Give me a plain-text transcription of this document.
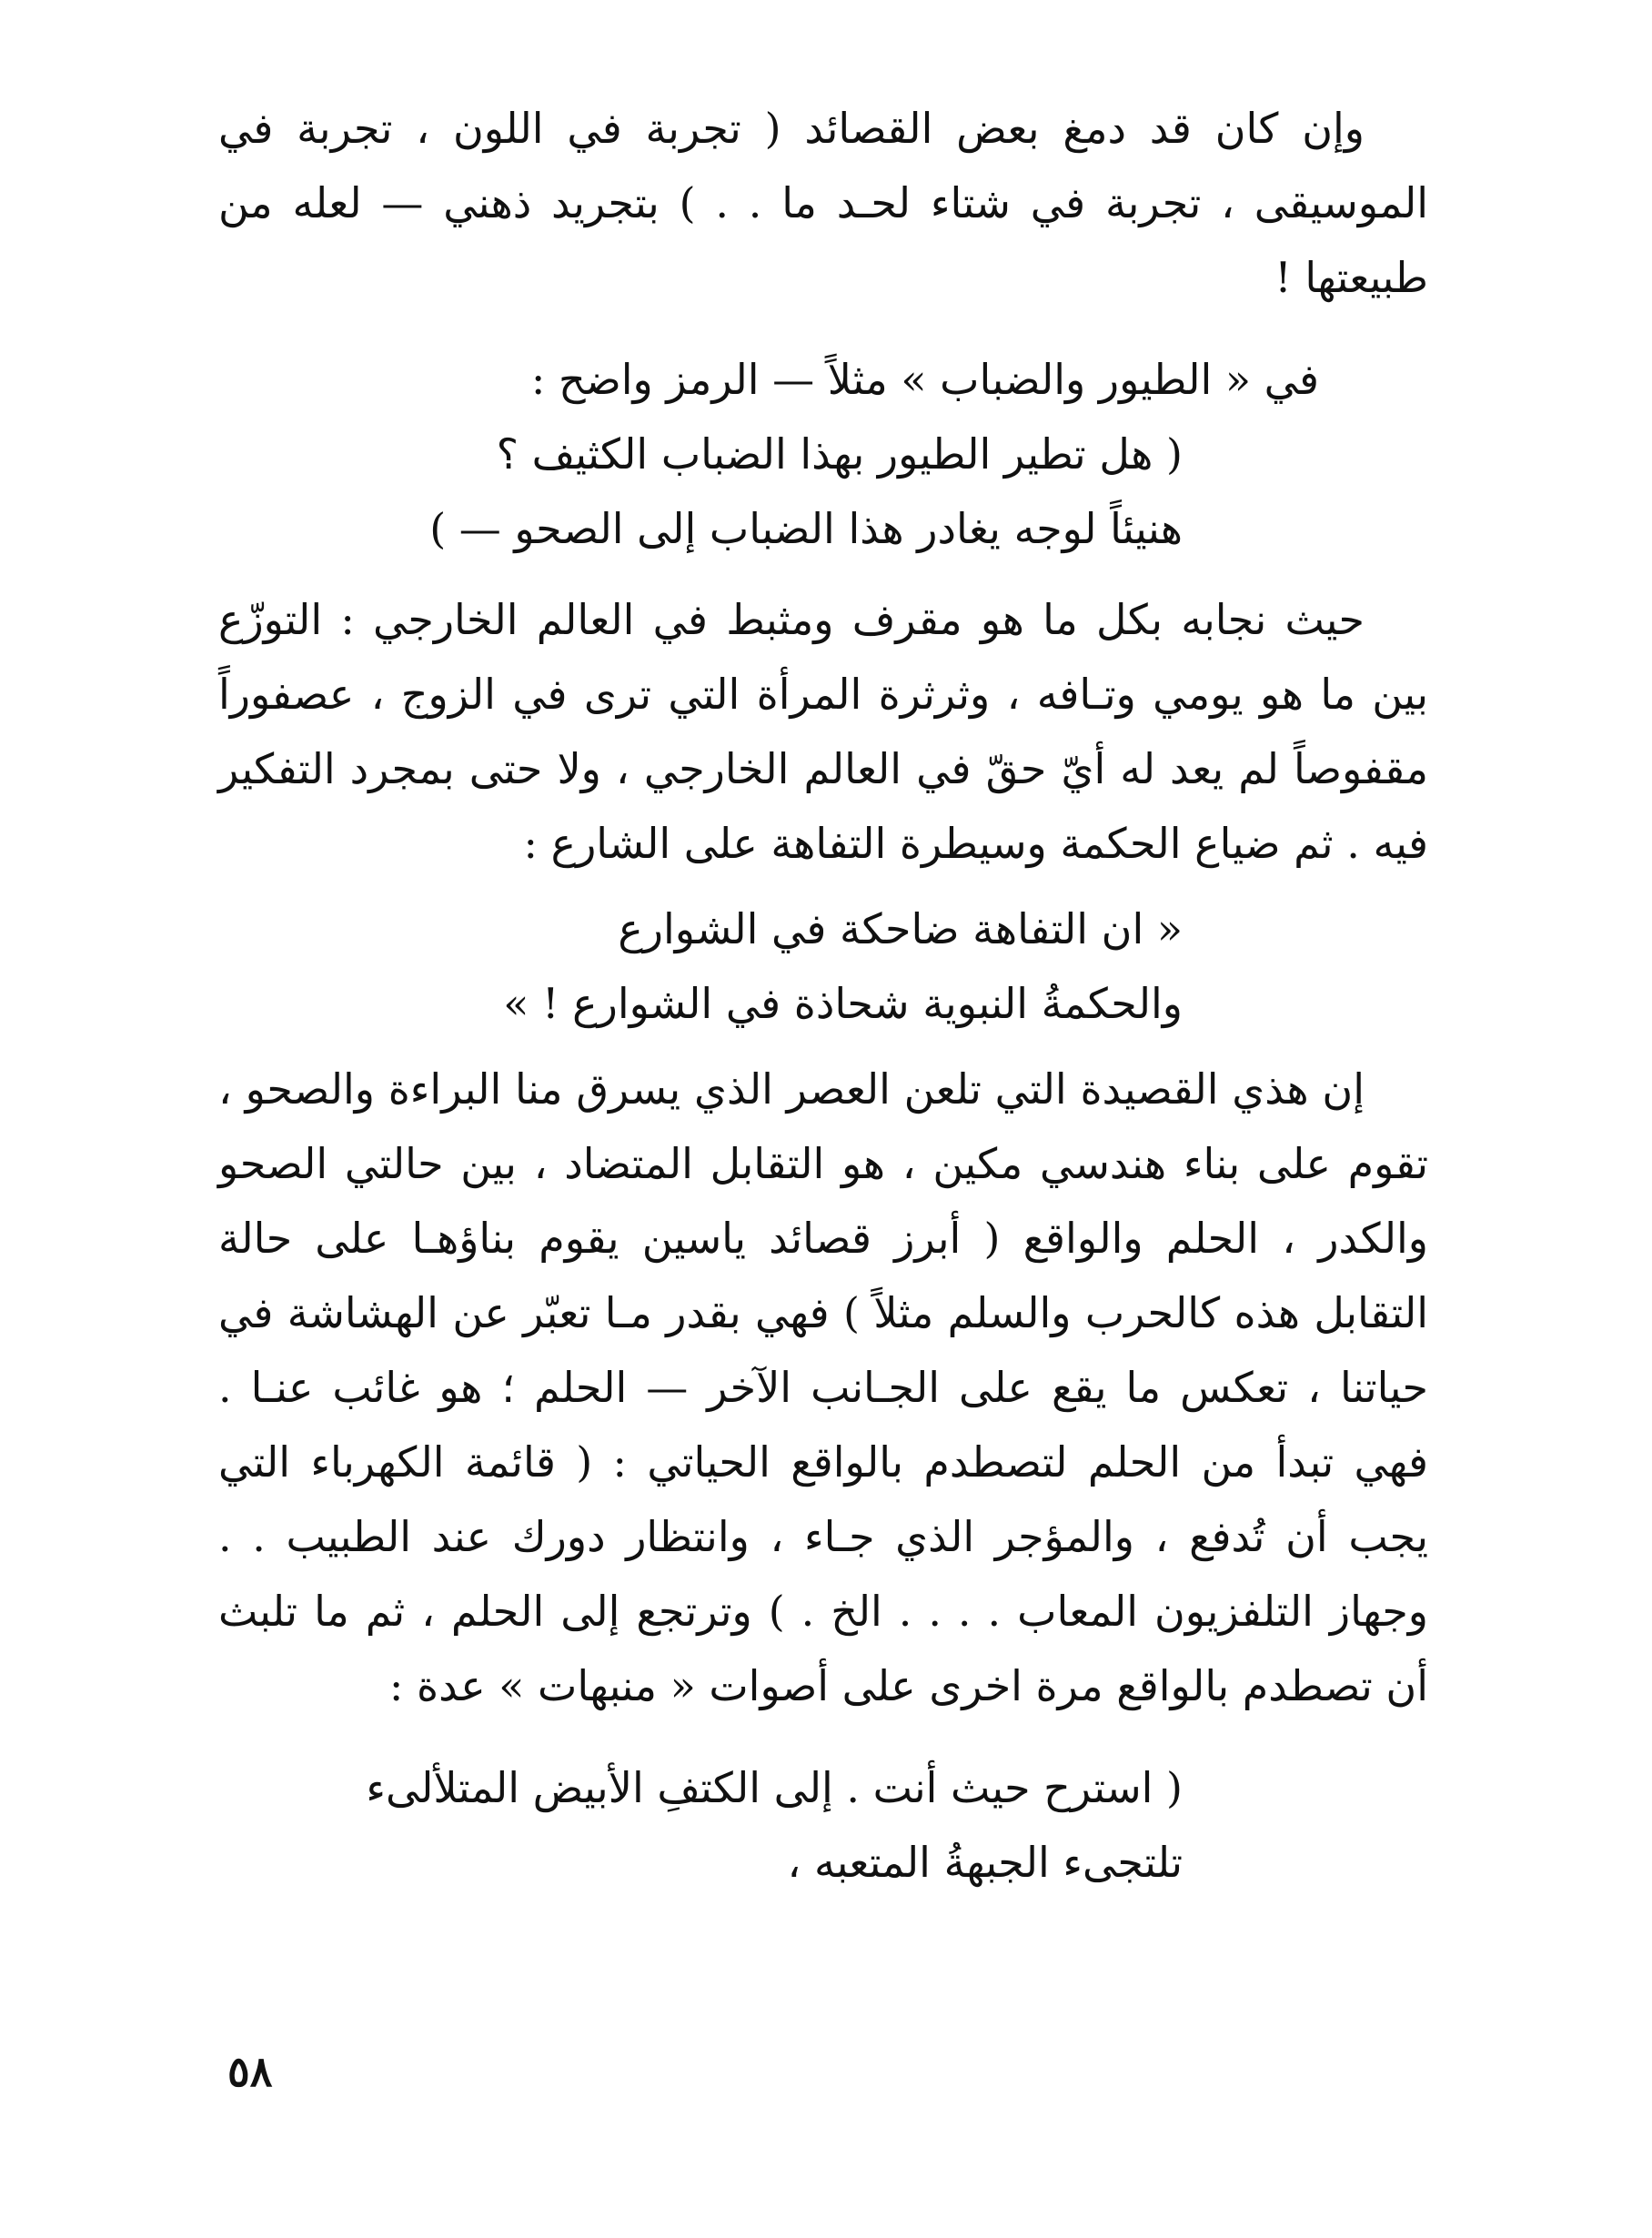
وإن كان قد دمغ بعض القصائد ( تجربة في اللون ، تجربة في الموسيقى ، تجربة في شتاء لحـد ما . . ) بتجريد ذهني — لعله من طبيعتها !

في « الطيور والضباب » مثلاً — الرمز واضح :

( هل تطير الطيور بهذا الضباب الكثيف ؟

هنيئاً لوجه يغادر هذا الضباب إلى الصحو — )

حيث نجابه بكل ما هو مقرف ومثبط في العالم الخارجي : التوزّع بين ما هو يومي وتـافه ، وثرثرة المرأة التي ترى في الزوج ، عصفوراً مقفوصاً لم يعد له أيّ حقّ في العالم الخارجي ، ولا حتى بمجرد التفكير فيه . ثم ضياع الحكمة وسيطرة التفاهة على الشارع :

« ان التفاهة ضاحكة في الشوارع

والحكمةُ النبوية شحاذة في الشوارع ! »

إن هذي القصيدة التي تلعن العصر الذي يسرق منا البراءة والصحو ، تقوم على بناء هندسي مكين ، هو التقابل المتضاد ، بين حالتي الصحو والكدر ، الحلم والواقع ( أبرز قصائد ياسين يقوم بناؤهـا على حالة التقابل هذه كالحرب والسلم مثلاً ) فهي بقدر مـا تعبّر عن الهشاشة في حياتنا ، تعكس ما يقع على الجـانب الآخر — الحلم ؛ هو غائب عنـا . فهي تبدأ من الحلم لتصطدم بالواقع الحياتي : ( قائمة الكهرباء التي يجب أن تُدفع ، والمؤجر الذي جـاء ، وانتظار دورك عند الطبيب . . وجهاز التلفزيون المعاب . . . . الخ . ) وترتجع إلى الحلم ، ثم ما تلبث أن تصطدم بالواقع مرة اخرى على أصوات « منبهات » عدة :

( استرح حيث أنت . إلى الكتفِ الأبيض المتلألىء

تلتجىء الجبهةُ المتعبه ،

٥٨
